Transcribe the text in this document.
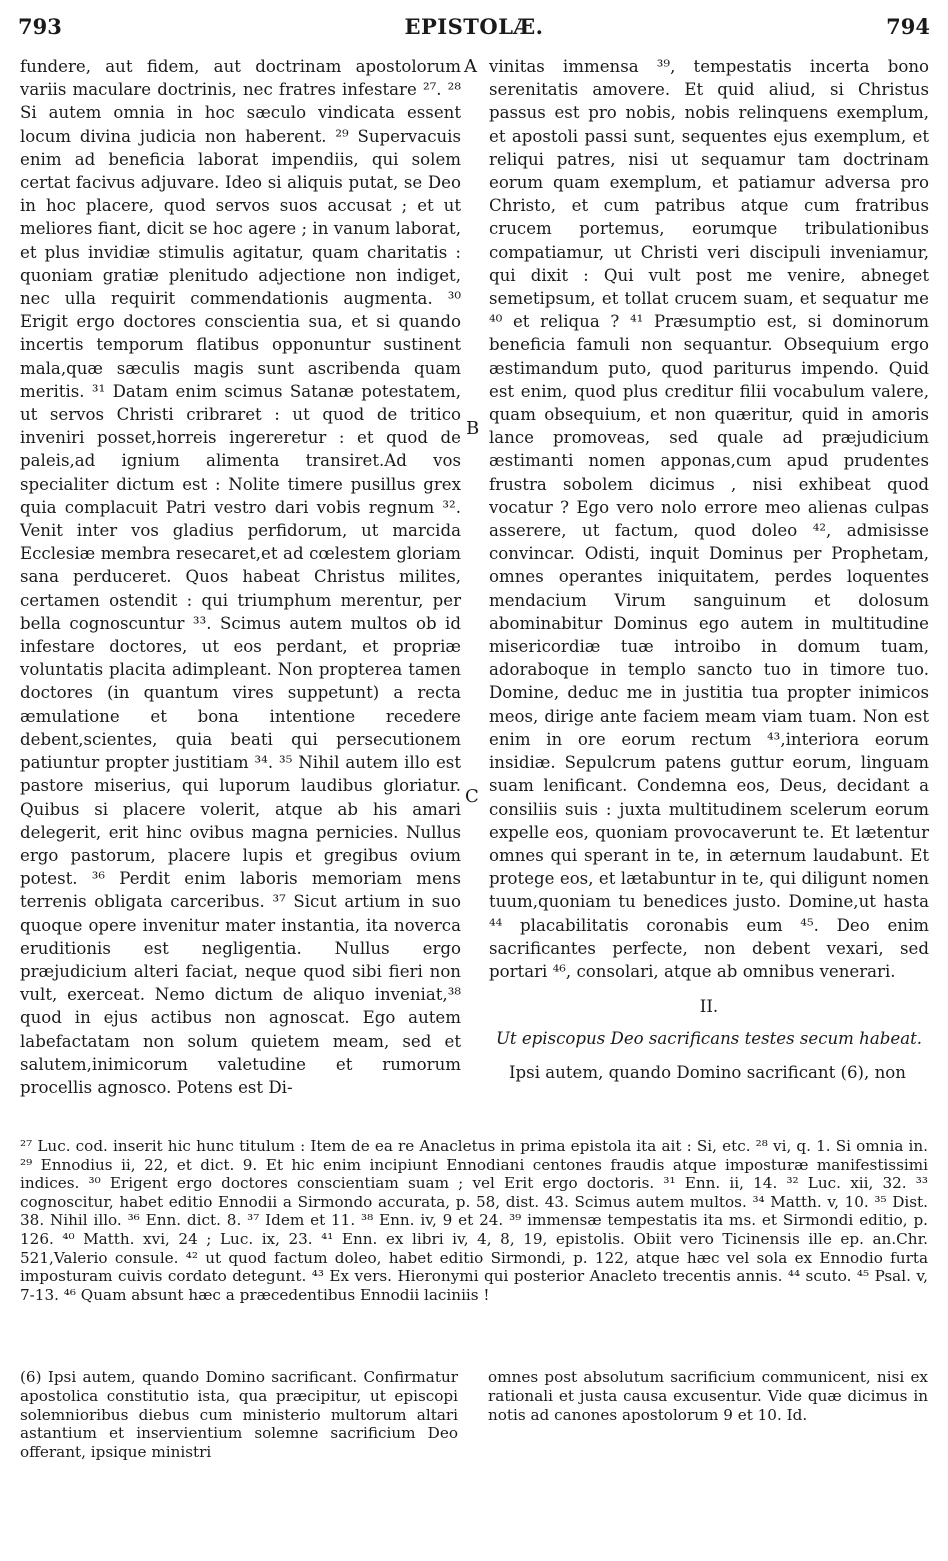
793	EPISTOLÆ.	794
A
B
C

fundere, aut fidem, aut doctrinam apostolorum variis maculare doctrinis, nec fratres infestare ²⁷. ²⁸ Si autem omnia in hoc sæculo vindicata essent locum divina judicia non haberent. ²⁹ Supervacuis enim ad beneficia laborat impendiis, qui solem certat facivus adjuvare. Ideo si aliquis putat, se Deo in hoc placere, quod servos suos accusat ; et ut meliores fiant, dicit se hoc agere ; in vanum laborat, et plus invidiæ stimulis agitatur, quam charitatis : quoniam gratiæ plenitudo adjectione non indiget, nec ulla requirit commendationis augmenta. ³⁰ Erigit ergo doctores conscientia sua, et si quando incertis temporum flatibus opponuntur sustinent mala,quæ sæculis magis sunt ascribenda quam meritis. ³¹ Datam enim scimus Satanæ potestatem, ut servos Christi cribraret : ut quod de tritico inveniri posset,horreis ingereretur : et quod de paleis,ad ignium alimenta transiret.Ad vos specialiter dictum est : Nolite timere pusillus grex quia complacuit Patri vestro dari vobis regnum ³². Venit inter vos gladius perfidorum, ut marcida Ecclesiæ membra resecaret,et ad cœlestem gloriam sana perduceret. Quos habeat Christus milites, certamen ostendit : qui triumphum merentur, per bella cognoscuntur ³³. Scimus autem multos ob id infestare doctores, ut eos perdant, et propriæ voluntatis placita adimpleant. Non propterea tamen doctores (in quantum vires suppetunt) a recta æmulatione et bona intentione recedere debent,scientes, quia beati qui persecutionem patiuntur propter justitiam ³⁴. ³⁵ Nihil autem illo est pastore miserius, qui luporum laudibus gloriatur. Quibus si placere volerit, atque ab his amari delegerit, erit hinc ovibus magna pernicies. Nullus ergo pastorum, placere lupis et gregibus ovium potest. ³⁶ Perdit enim laboris memoriam mens terrenis obligata carceribus. ³⁷ Sicut artium in suo quoque opere invenitur mater instantia, ita noverca eruditionis est negligentia. Nullus ergo præjudicium alteri faciat, neque quod sibi fieri non vult, exerceat. Nemo dictum de aliquo inveniat,³⁸ quod in ejus actibus non agnoscat. Ego autem labefactatam non solum quietem meam, sed et salutem,inimicorum valetudine et rumorum procellis agnosco. Potens est Di-

vinitas immensa ³⁹, tempestatis incerta bono serenitatis amovere. Et quid aliud, si Christus passus est pro nobis, nobis relinquens exemplum, et apostoli passi sunt, sequentes ejus exemplum, et reliqui patres, nisi ut sequamur tam doctrinam eorum quam exemplum, et patiamur adversa pro Christo, et cum patribus atque cum fratribus crucem portemus, eorumque tribulationibus compatiamur, ut Christi veri discipuli inveniamur, qui dixit : Qui vult post me venire, abneget semetipsum, et tollat crucem suam, et sequatur me ⁴⁰ et reliqua ? ⁴¹ Præsumptio est, si dominorum beneficia famuli non sequantur. Obsequium ergo æstimandum puto, quod pariturus impendo. Quid est enim, quod plus creditur filii vocabulum valere, quam obsequium, et non quæritur, quid in amoris lance promoveas, sed quale ad præjudicium æstimanti nomen apponas,cum apud prudentes frustra sobolem dicimus , nisi exhibeat quod vocatur ? Ego vero nolo errore meo alienas culpas asserere, ut factum, quod doleo ⁴², admisisse convincar. Odisti, inquit Dominus per Prophetam, omnes operantes iniquitatem, perdes loquentes mendacium Virum sanguinum et dolosum abominabitur Dominus ego autem in multitudine misericordiæ tuæ introibo in domum tuam, adoraboque in templo sancto tuo in timore tuo. Domine, deduc me in justitia tua propter inimicos meos, dirige ante faciem meam viam tuam. Non est enim in ore eorum rectum ⁴³,interiora eorum insidiæ. Sepulcrum patens guttur eorum, linguam suam lenificant. Condemna eos, Deus, decidant a consiliis suis : juxta multitudinem scelerum eorum expelle eos, quoniam provocaverunt te. Et lætentur omnes qui sperant in te, in æternum laudabunt. Et protege eos, et lætabuntur in te, qui diligunt nomen tuum,quoniam tu benedices justo. Domine,ut hasta ⁴⁴ placabilitatis coronabis eum ⁴⁵. Deo enim sacrificantes perfecte, non debent vexari, sed portari ⁴⁶, consolari, atque ab omnibus venerari.

II.

Ut episcopus Deo sacrificans testes secum habeat.

Ipsi autem, quando Domino sacrificant (6), non

²⁷ Luc. cod. inserit hic hunc titulum : Item de ea re Anacletus in prima epistola ita ait : Si, etc. ²⁸ vi, q. 1. Si omnia in. ²⁹ Ennodius ii, 22, et dict. 9. Et hic enim incipiunt Ennodiani centones fraudis atque imposturæ manifestissimi indices. ³⁰ Erigent ergo doctores conscientiam suam ; vel Erit ergo doctoris. ³¹ Enn. ii, 14. ³² Luc. xii, 32. ³³ cognoscitur, habet editio Ennodii a Sirmondo accurata, p. 58, dist. 43. Scimus autem multos. ³⁴ Matth. v, 10. ³⁵ Dist. 38. Nihil illo. ³⁶ Enn. dict. 8. ³⁷ Idem et 11. ³⁸ Enn. iv, 9 et 24. ³⁹ immensæ tempestatis ita ms. et Sirmondi editio, p. 126. ⁴⁰ Matth. xvi, 24 ; Luc. ix, 23. ⁴¹ Enn. ex libri iv, 4, 8, 19, epistolis. Obiit vero Ticinensis ille ep. an.Chr. 521,Valerio consule. ⁴² ut quod factum doleo, habet editio Sirmondi, p. 122, atque hæc vel sola ex Ennodio furta imposturam cuivis cordato detegunt. ⁴³ Ex vers. Hieronymi qui posterior Anacleto trecentis annis. ⁴⁴ scuto. ⁴⁵ Psal. v, 7-13. ⁴⁶ Quam absunt hæc a præcedentibus Ennodii laciniis !

(6) Ipsi autem, quando Domino sacrificant. Confirmatur apostolica constitutio ista, qua præcipitur, ut episcopi solemnioribus diebus cum ministerio multorum altari astantium et inservientium solemne sacrificium Deo offerant, ipsique ministri

omnes post absolutum sacrificium communicent, nisi ex rationali et justa causa excusentur. Vide quæ dicimus in notis ad canones apostolorum 9 et 10. Id.
